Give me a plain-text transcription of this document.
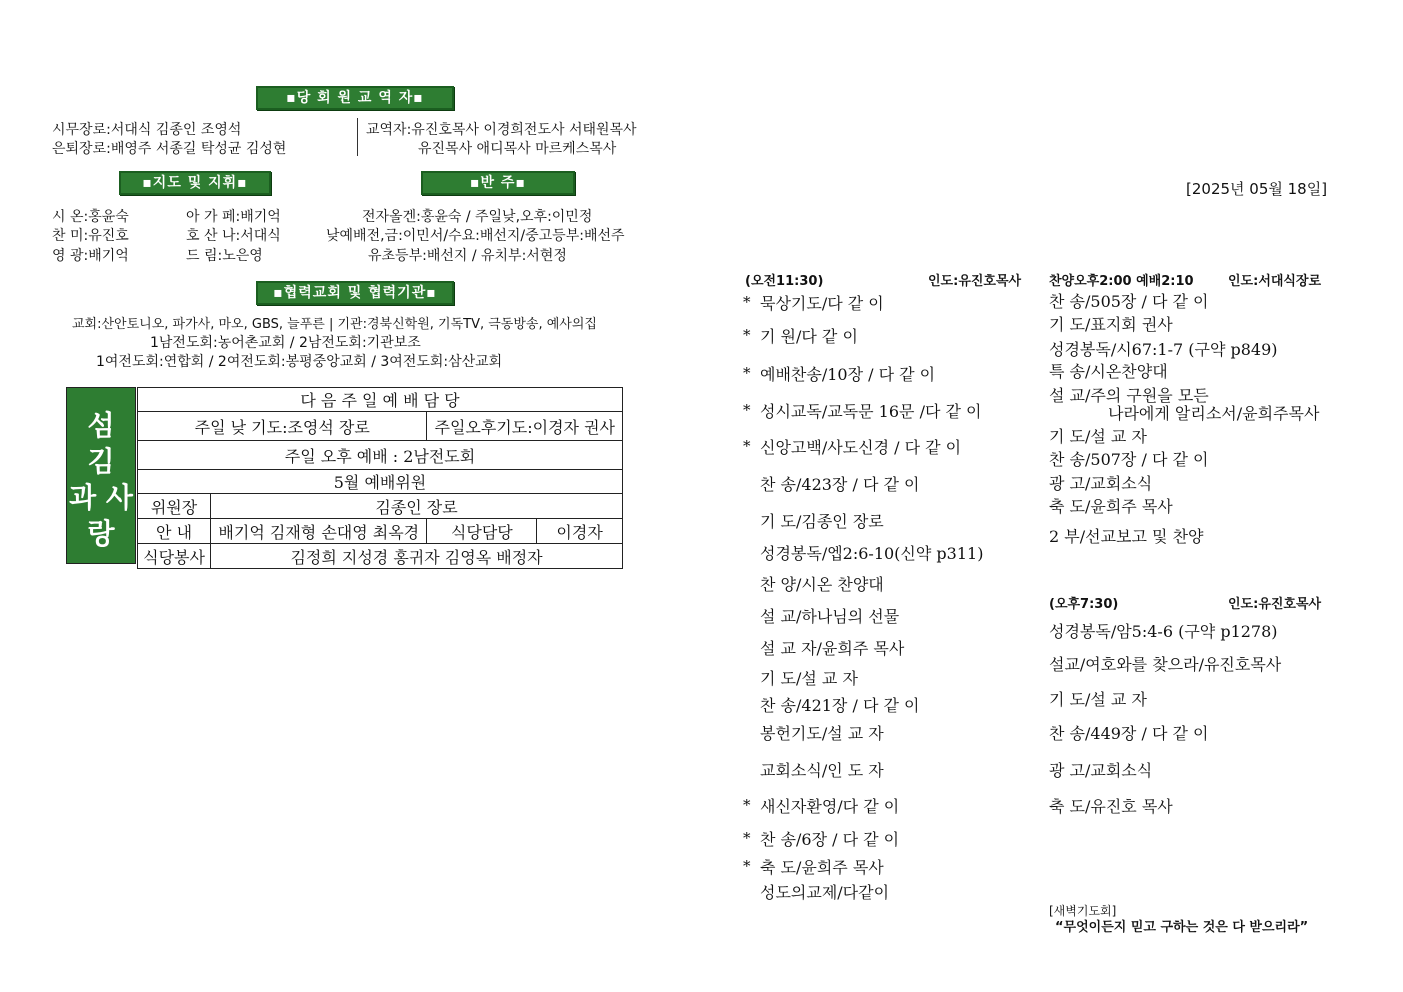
▪당 회 원 교 역 자▪
시무장로:서대식 김종인 조영석
은퇴장로:배영주 서종길 탁성균 김성현
교역자:유진호목사 이경희전도사 서태원목사
유진목사 애디목사 마르케스목사
▪지도 및 지휘▪	▪반 주▪
시 온:홍윤숙	아 가 페:배기억	전자올겐:홍윤숙 / 주일낮,오후:이민정
찬 미:유진호	호 산 나:서대식	낮예배전,금:이민서/수요:배선지/중고등부:배선주
영 광:배기억	드 림:노은영	유초등부:배선지 / 유치부:서현정
▪협력교회 및 협력기관▪
교회:산안토니오, 파가사, 마오, GBS, 늘푸른 | 기관:경북신학원, 기독TV, 극동방송, 예사의집
1남전도회:농어촌교회 / 2남전도회:기관보조
1여전도회:연합회 / 2여전도회:봉평중앙교회 / 3여전도회:삼산교회
섬
김
과 사
랑
다 음 주 일 예 배 담 당			
주일 낮 기도:조영석 장로		주일오후기도:이경자 권사	
주일 오후 예배 : 2남전도회			
5월 예배위원			
위원장	김종인 장로		
안 내	배기억 김재형 손대영 최옥경	식당담당	이경자
식당봉사	김정희 지성경 홍귀자 김영옥 배정자		
[2025년 05월 18일]
(오전11:30)	인도:유진호목사
* 묵상기도/다 같 이
* 기 원/다 같 이
* 예배찬송/10장 / 다 같 이
* 성시교독/교독문 16문 /다 같 이
* 신앙고백/사도신경 / 다 같 이
찬 송/423장 / 다 같 이
기 도/김종인 장로
성경봉독/엡2:6-10(신약 p311)
찬 양/시온 찬양대
설 교/하나님의 선물
설 교 자/윤희주 목사
기 도/설 교 자
찬 송/421장 / 다 같 이
봉헌기도/설 교 자
교회소식/인 도 자
* 새신자환영/다 같 이
* 찬 송/6장 / 다 같 이
* 축 도/윤희주 목사
성도의교제/다같이
찬양오후2:00 예배2:10	인도:서대식장로
찬 송/505장 / 다 같 이
기 도/표지회 권사
성경봉독/시67:1-7 (구약 p849)
특 송/시온찬양대
설 교/주의 구원을 모든
나라에게 알리소서/윤희주목사
기 도/설 교 자
찬 송/507장 / 다 같 이
광 고/교회소식
축 도/윤희주 목사
2 부/선교보고 및 찬양
(오후7:30)	인도:유진호목사
성경봉독/암5:4-6 (구약 p1278)
설교/여호와를 찾으라/유진호목사
기 도/설 교 자
찬 송/449장 / 다 같 이
광 고/교회소식
축 도/유진호 목사
[새벽기도회]
“무엇이든지 믿고 구하는 것은 다 받으리라”
